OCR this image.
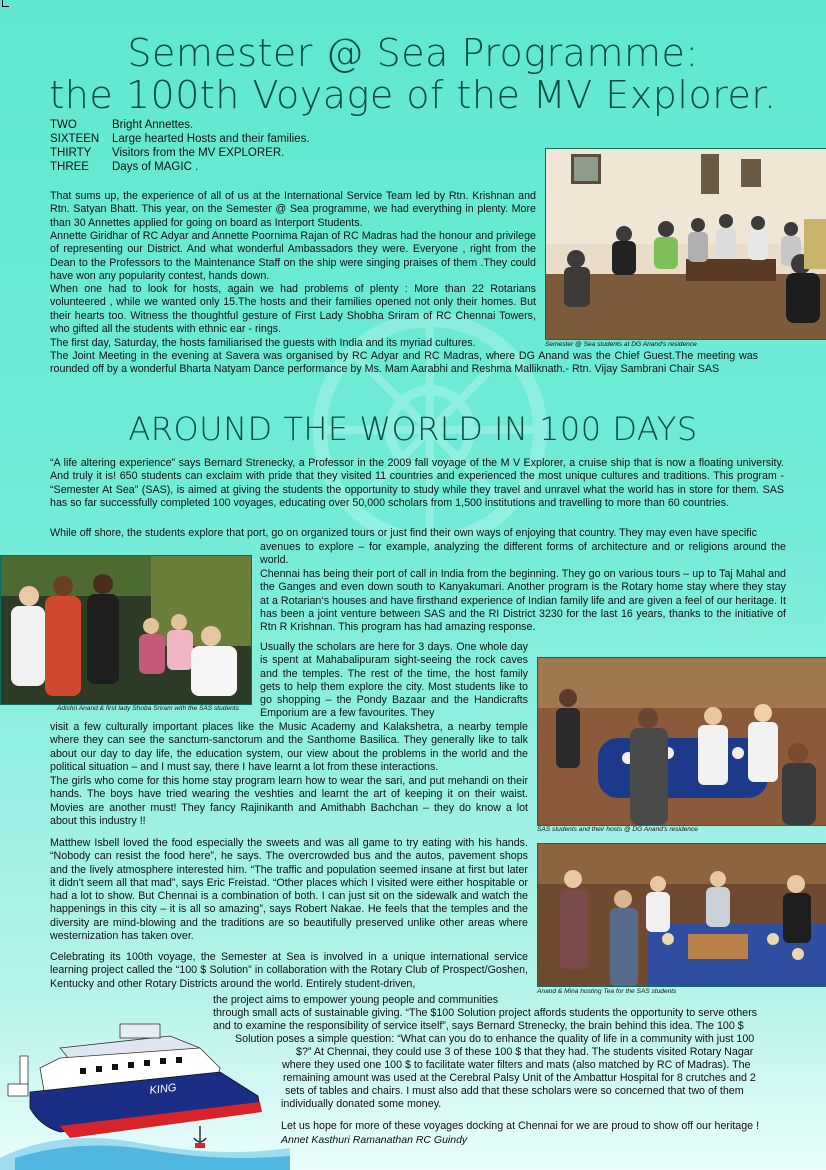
Semester @ Sea Programme:
the 100th Voyage of the MV Explorer.
TWO	Bright Annettes.
SIXTEEN Large hearted Hosts and their families.
THIRTY Visitors from the MV EXPLORER.
THREE Days of MAGIC .

That sums up, the experience of all of us at the International Service Team led by Rtn. Krishnan and Rtn. Satyan Bhatt. This year, on the Semester @ Sea programme, we had everything in plenty. More than 30 Annettes applied for going on board as Interport Students.

Annette Giridhar of RC Adyar and Annette Poornima Rajan of RC Madras had the honour and privilege of representing our District. And what wonderful Ambassadors they were. Everyone , right from the Dean to the Professors to the Maintenance Staff on the ship were singing praises of them .They could have won any popularity contest, hands down.

When one had to look for hosts, again we had problems of plenty : More than 22 Rotarians volunteered , while we wanted only 15.The hosts and their families opened not only their homes. But their hearts too. Witness the thoughtful gesture of First Lady Shobha Sriram of RC Chennai Towers, who gifted all the students with ethnic ear - rings.

The first day, Saturday, the hosts familiarised the guests with India and its myriad cultures.

The Joint Meeting in the evening at Savera was organised by RC Adyar and RC Madras, where DG Anand was the Chief Guest.The meeting was rounded off by a wonderful Bharta Natyam Dance performance by Ms. Mam Aarabhi and Reshma Malliknath.- Rtn. Vijay Sambrani Chair SAS

Semester @ Sea students at DG Anand's residence
AROUND THE WORLD IN 100 DAYS

“A life altering experience” says Bernard Strenecky, a Professor in the 2009 fall voyage of the M V Explorer, a cruise ship that is now a floating university. And truly it is! 650 students can exclaim with pride that they visited 11 countries and experienced the most unique cultures and traditions. This program - “Semester At Sea” (SAS), is aimed at giving the students the opportunity to study while they travel and unravel what the world has in store for them. SAS has so far successfully completed 100 voyages, educating over 50,000 scholars from 1,500 institutions and travelling to more than 60 countries.

While off shore, the students explore that port, go on organized tours or just find their own ways of enjoying that country. They may even have specific

Adishri Anand & first lady Shoba Sriram with the SAS students

avenues to explore – for example, analyzing the different forms of architecture and or religions around the world.

Chennai has being their port of call in India from the beginning. They go on various tours – up to Taj Mahal and the Ganges and even down south to Kanyakumari. Another program is the Rotary home stay where they stay at a Rotarian‘s houses and have firsthand experience of Indian family life and are given a feel of our heritage. It has been a joint venture between SAS and the RI District 3230 for the last 16 years, thanks to the initiative of Rtn R Krishnan. This program has had amazing response.

Usually the scholars are here for 3 days. One whole day is spent at Mahabalipuram sight-seeing the rock caves and the temples. The rest of the time, the host family gets to help them explore the city. Most students like to go shopping – the Pondy Bazaar and the Handicrafts Emporium are a few favourites. They

SAS students and their hosts @ DG Anand's residence

visit a few culturally important places like the Music Academy and Kalakshetra, a nearby temple where they can see the sanctum-sanctorum and the Santhome Basilica. They generally like to talk about our day to day life, the education system, our view about the problems in the world and the political situation – and I must say, there I have learnt a lot from these interactions.

The girls who come for this home stay program learn how to wear the sari, and put mehandi on their hands. The boys have tried wearing the veshties and learnt the art of keeping it on their waist. Movies are another must! They fancy Rajinikanth and Amithabh Bachchan – they do know a lot about this industry !!

Matthew Isbell loved the food especially the sweets and was all game to try eating with his hands. “Nobody can resist the food here”, he says. The overcrowded bus and the autos, pavement shops and the lively atmosphere interested him. “The traffic and population seemed insane at first but later it didn't seem all that mad”, says Eric Freistad. “Other places which I visited were either hospitable or had a lot to show. But Chennai is a combination of both. I can just sit on the sidewalk and watch the happenings in this city – it is all so amazing”, says Robert Nakae. He feels that the temples and the diversity are mind-blowing and the traditions are so beautifully preserved unlike other areas where westernization has taken over.

Celebrating its 100th voyage, the Semester at Sea is involved in a unique international service learning project called the “100 $ Solution” in collaboration with the Rotary Club of Prospect/Goshen, Kentucky and other Rotary Districts around the world. Entirely student-driven,

Anand & Mina hosting Tea for the SAS students

the project aims to empower young people and communities

through small acts of sustainable giving. “The $100 Solution project affords students the opportunity to serve others

and to examine the responsibility of service itself”, says Bernard Strenecky, the brain behind this idea. The 100 $

Solution poses a simple question: “What can you do to enhance the quality of life in a community with just 100

$?” At Chennai, they could use 3 of these 100 $ that they had. The students visited Rotary Nagar

where they used one 100 $ to facilitate water filters and mats (also matched by RC of Madras). The

remaining amount was used at the Cerebral Palsy Unit of the Ambattur Hospital for 8 crutches and 2

sets of tables and chairs. I must also add that these scholars were so concerned that two of them

individually donated some money.

Let us hope for more of these voyages docking at Chennai for we are proud to show off our heritage !

Annet Kasthuri Ramanathan RC Guindy
KING
